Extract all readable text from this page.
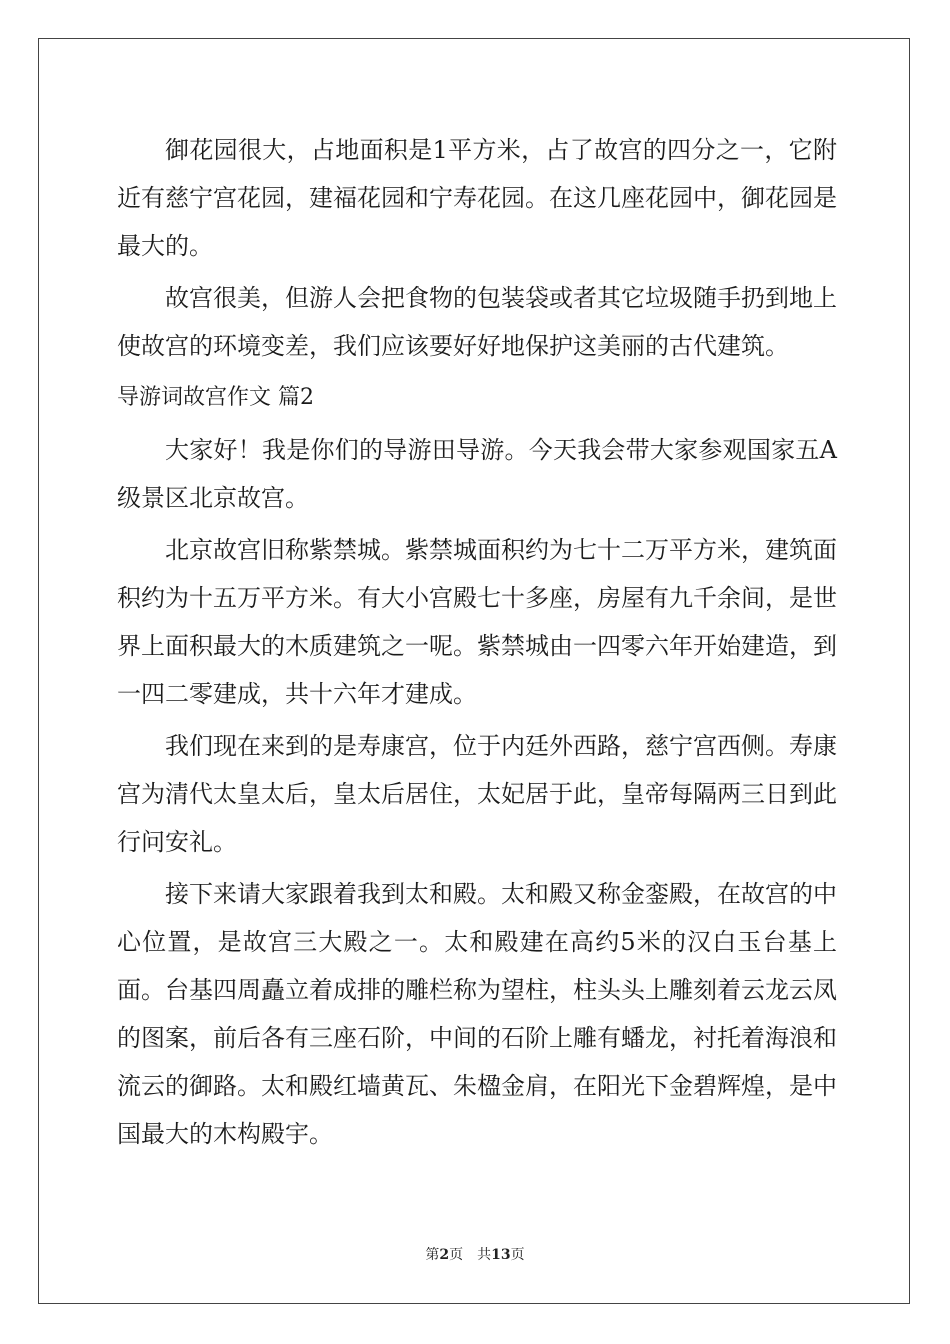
御花园很大，占地面积是1平方米，占了故宫的四分之一，它附近有慈宁宫花园，建福花园和宁寿花园。在这几座花园中，御花园是最大的。

故宫很美，但游人会把食物的包装袋或者其它垃圾随手扔到地上使故宫的环境变差，我们应该要好好地保护这美丽的古代建筑。

导游词故宫作文 篇2

大家好！我是你们的导游田导游。今天我会带大家参观国家五A级景区北京故宫。

北京故宫旧称紫禁城。紫禁城面积约为七十二万平方米，建筑面积约为十五万平方米。有大小宫殿七十多座，房屋有九千余间，是世界上面积最大的木质建筑之一呢。紫禁城由一四零六年开始建造，到一四二零建成，共十六年才建成。

我们现在来到的是寿康宫，位于内廷外西路，慈宁宫西侧。寿康宫为清代太皇太后，皇太后居住，太妃居于此，皇帝每隔两三日到此行问安礼。

接下来请大家跟着我到太和殿。太和殿又称金銮殿，在故宫的中心位置，是故宫三大殿之一。太和殿建在高约5米的汉白玉台基上面。台基四周矗立着成排的雕栏称为望柱，柱头头上雕刻着云龙云凤的图案，前后各有三座石阶，中间的石阶上雕有蟠龙，衬托着海浪和流云的御路。太和殿红墙黄瓦、朱楹金肩，在阳光下金碧辉煌，是中国最大的木构殿宇。

第2页　共13页
